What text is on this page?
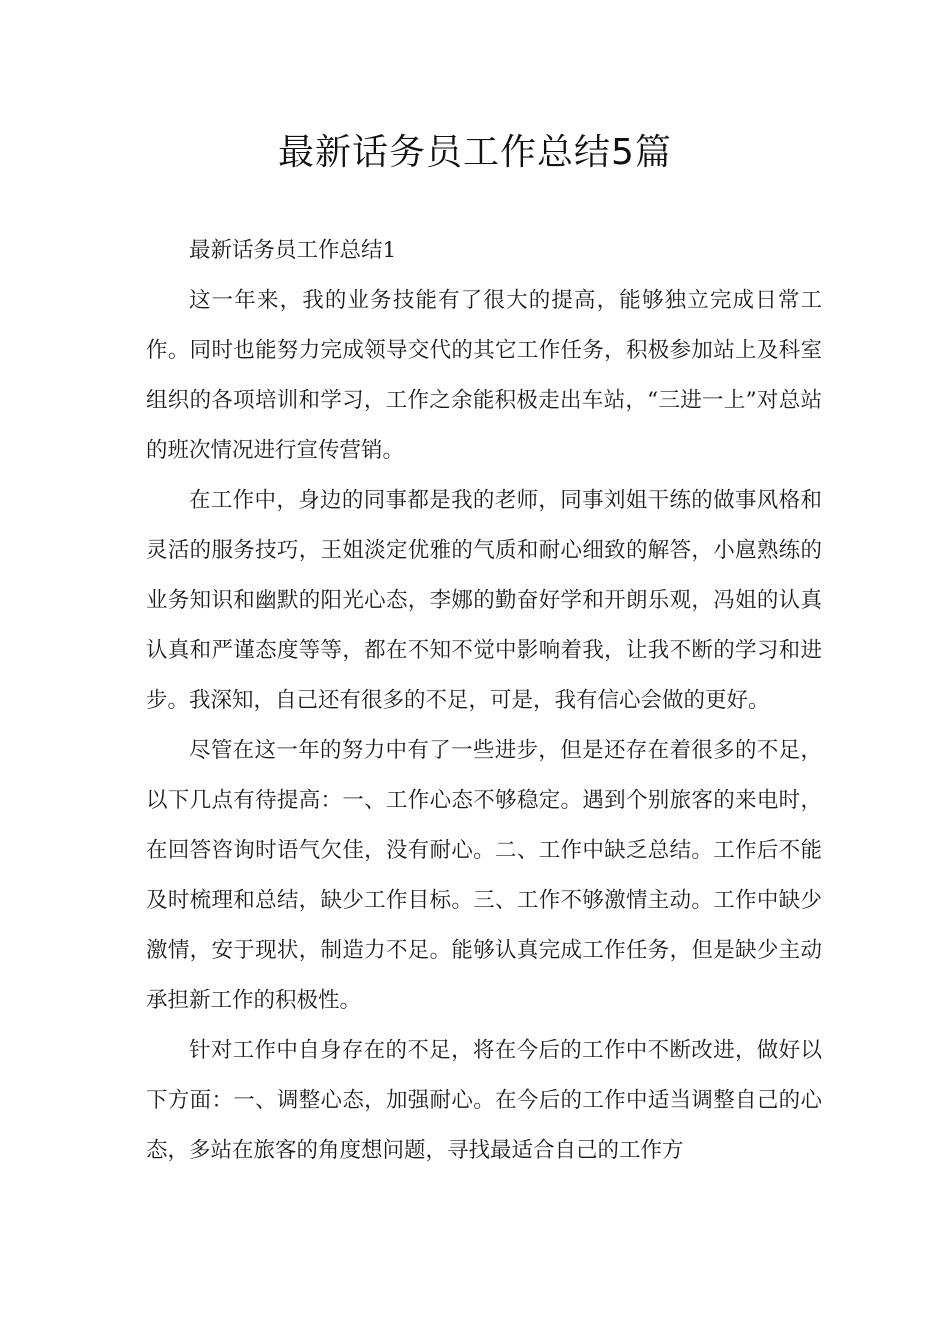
最新话务员工作总结5篇

最新话务员工作总结1

这一年来，我的业务技能有了很大的提高，能够独立完成日常工作。同时也能努力完成领导交代的其它工作任务，积极参加站上及科室组织的各项培训和学习，工作之余能积极走出车站，“三进一上”对总站的班次情况进行宣传营销。

在工作中，身边的同事都是我的老师，同事刘姐干练的做事风格和灵活的服务技巧，王姐淡定优雅的气质和耐心细致的解答，小扈熟练的业务知识和幽默的阳光心态，李娜的勤奋好学和开朗乐观，冯姐的认真认真和严谨态度等等，都在不知不觉中影响着我，让我不断的学习和进步。我深知，自己还有很多的不足，可是，我有信心会做的更好。

尽管在这一年的努力中有了一些进步，但是还存在着很多的不足，以下几点有待提高：一、工作心态不够稳定。遇到个别旅客的来电时，在回答咨询时语气欠佳，没有耐心。二、工作中缺乏总结。工作后不能及时梳理和总结，缺少工作目标。三、工作不够激情主动。工作中缺少激情，安于现状，制造力不足。能够认真完成工作任务，但是缺少主动承担新工作的积极性。

针对工作中自身存在的不足，将在今后的工作中不断改进，做好以下方面：一、调整心态，加强耐心。在今后的工作中适当调整自己的心态，多站在旅客的角度想问题，寻找最适合自己的工作方
